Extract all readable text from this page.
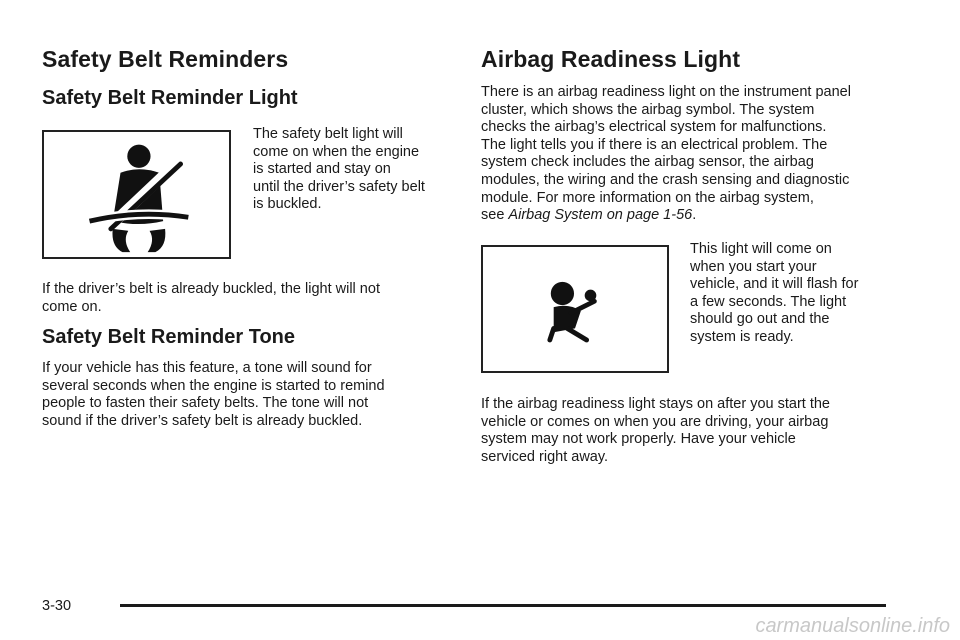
Safety Belt Reminders
Safety Belt Reminder Light

The safety belt light will

come on when the engine

is started and stay on

until the driver’s safety belt

is buckled.

If the driver’s belt is already buckled, the light will not

come on.

Safety Belt Reminder Tone

If your vehicle has this feature, a tone will sound for

several seconds when the engine is started to remind

people to fasten their safety belts. The tone will not

sound if the driver’s safety belt is already buckled.

Airbag Readiness Light

There is an airbag readiness light on the instrument panel

cluster, which shows the airbag symbol. The system

checks the airbag’s electrical system for malfunctions.

The light tells you if there is an electrical problem. The

system check includes the airbag sensor, the airbag

modules, the wiring and the crash sensing and diagnostic

module. For more information on the airbag system,

see Airbag System on page 1-56.

This light will come on

when you start your

vehicle, and it will flash for

a few seconds. The light

should go out and the

system is ready.

If the airbag readiness light stays on after you start the

vehicle or comes on when you are driving, your airbag

system may not work properly. Have your vehicle

serviced right away.

3-30
carmanualsonline.info
